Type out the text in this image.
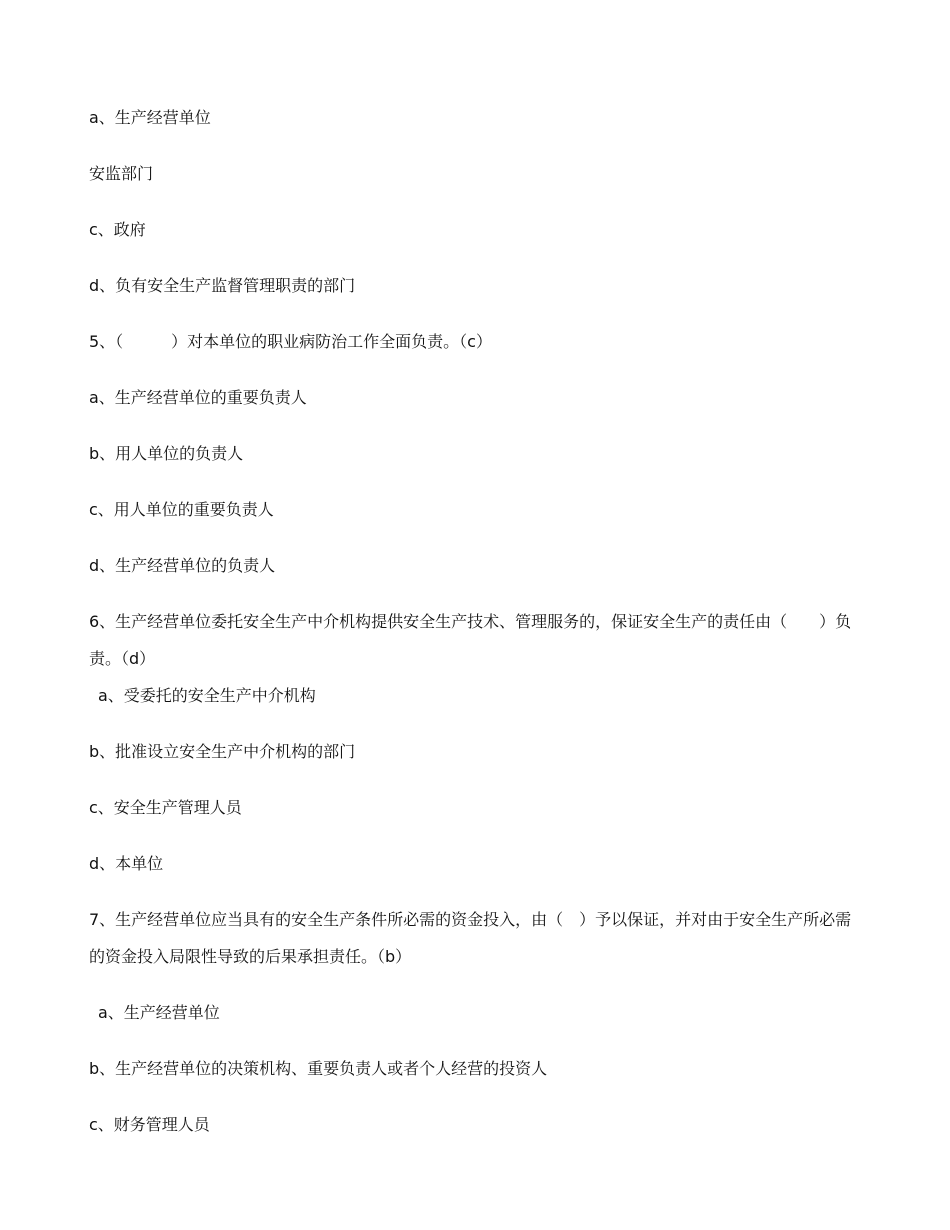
a、生产经营单位
安监部门
c、政府
d、负有安全生产监督管理职责的部门
5、（　　　）对本单位的职业病防治工作全面负责。（c）
a、生产经营单位的重要负责人
b、用人单位的负责人
c、用人单位的重要负责人
d、生产经营单位的负责人
6、生产经营单位委托安全生产中介机构提供安全生产技术、管理服务的，保证安全生产的责任由（　　）负责。（d）
a、受委托的安全生产中介机构
b、批准设立安全生产中介机构的部门
c、安全生产管理人员
d、本单位
7、生产经营单位应当具有的安全生产条件所必需的资金投入，由（　）予以保证，并对由于安全生产所必需的资金投入局限性导致的后果承担责任。（b）
a、生产经营单位
b、生产经营单位的决策机构、重要负责人或者个人经营的投资人
c、财务管理人员
